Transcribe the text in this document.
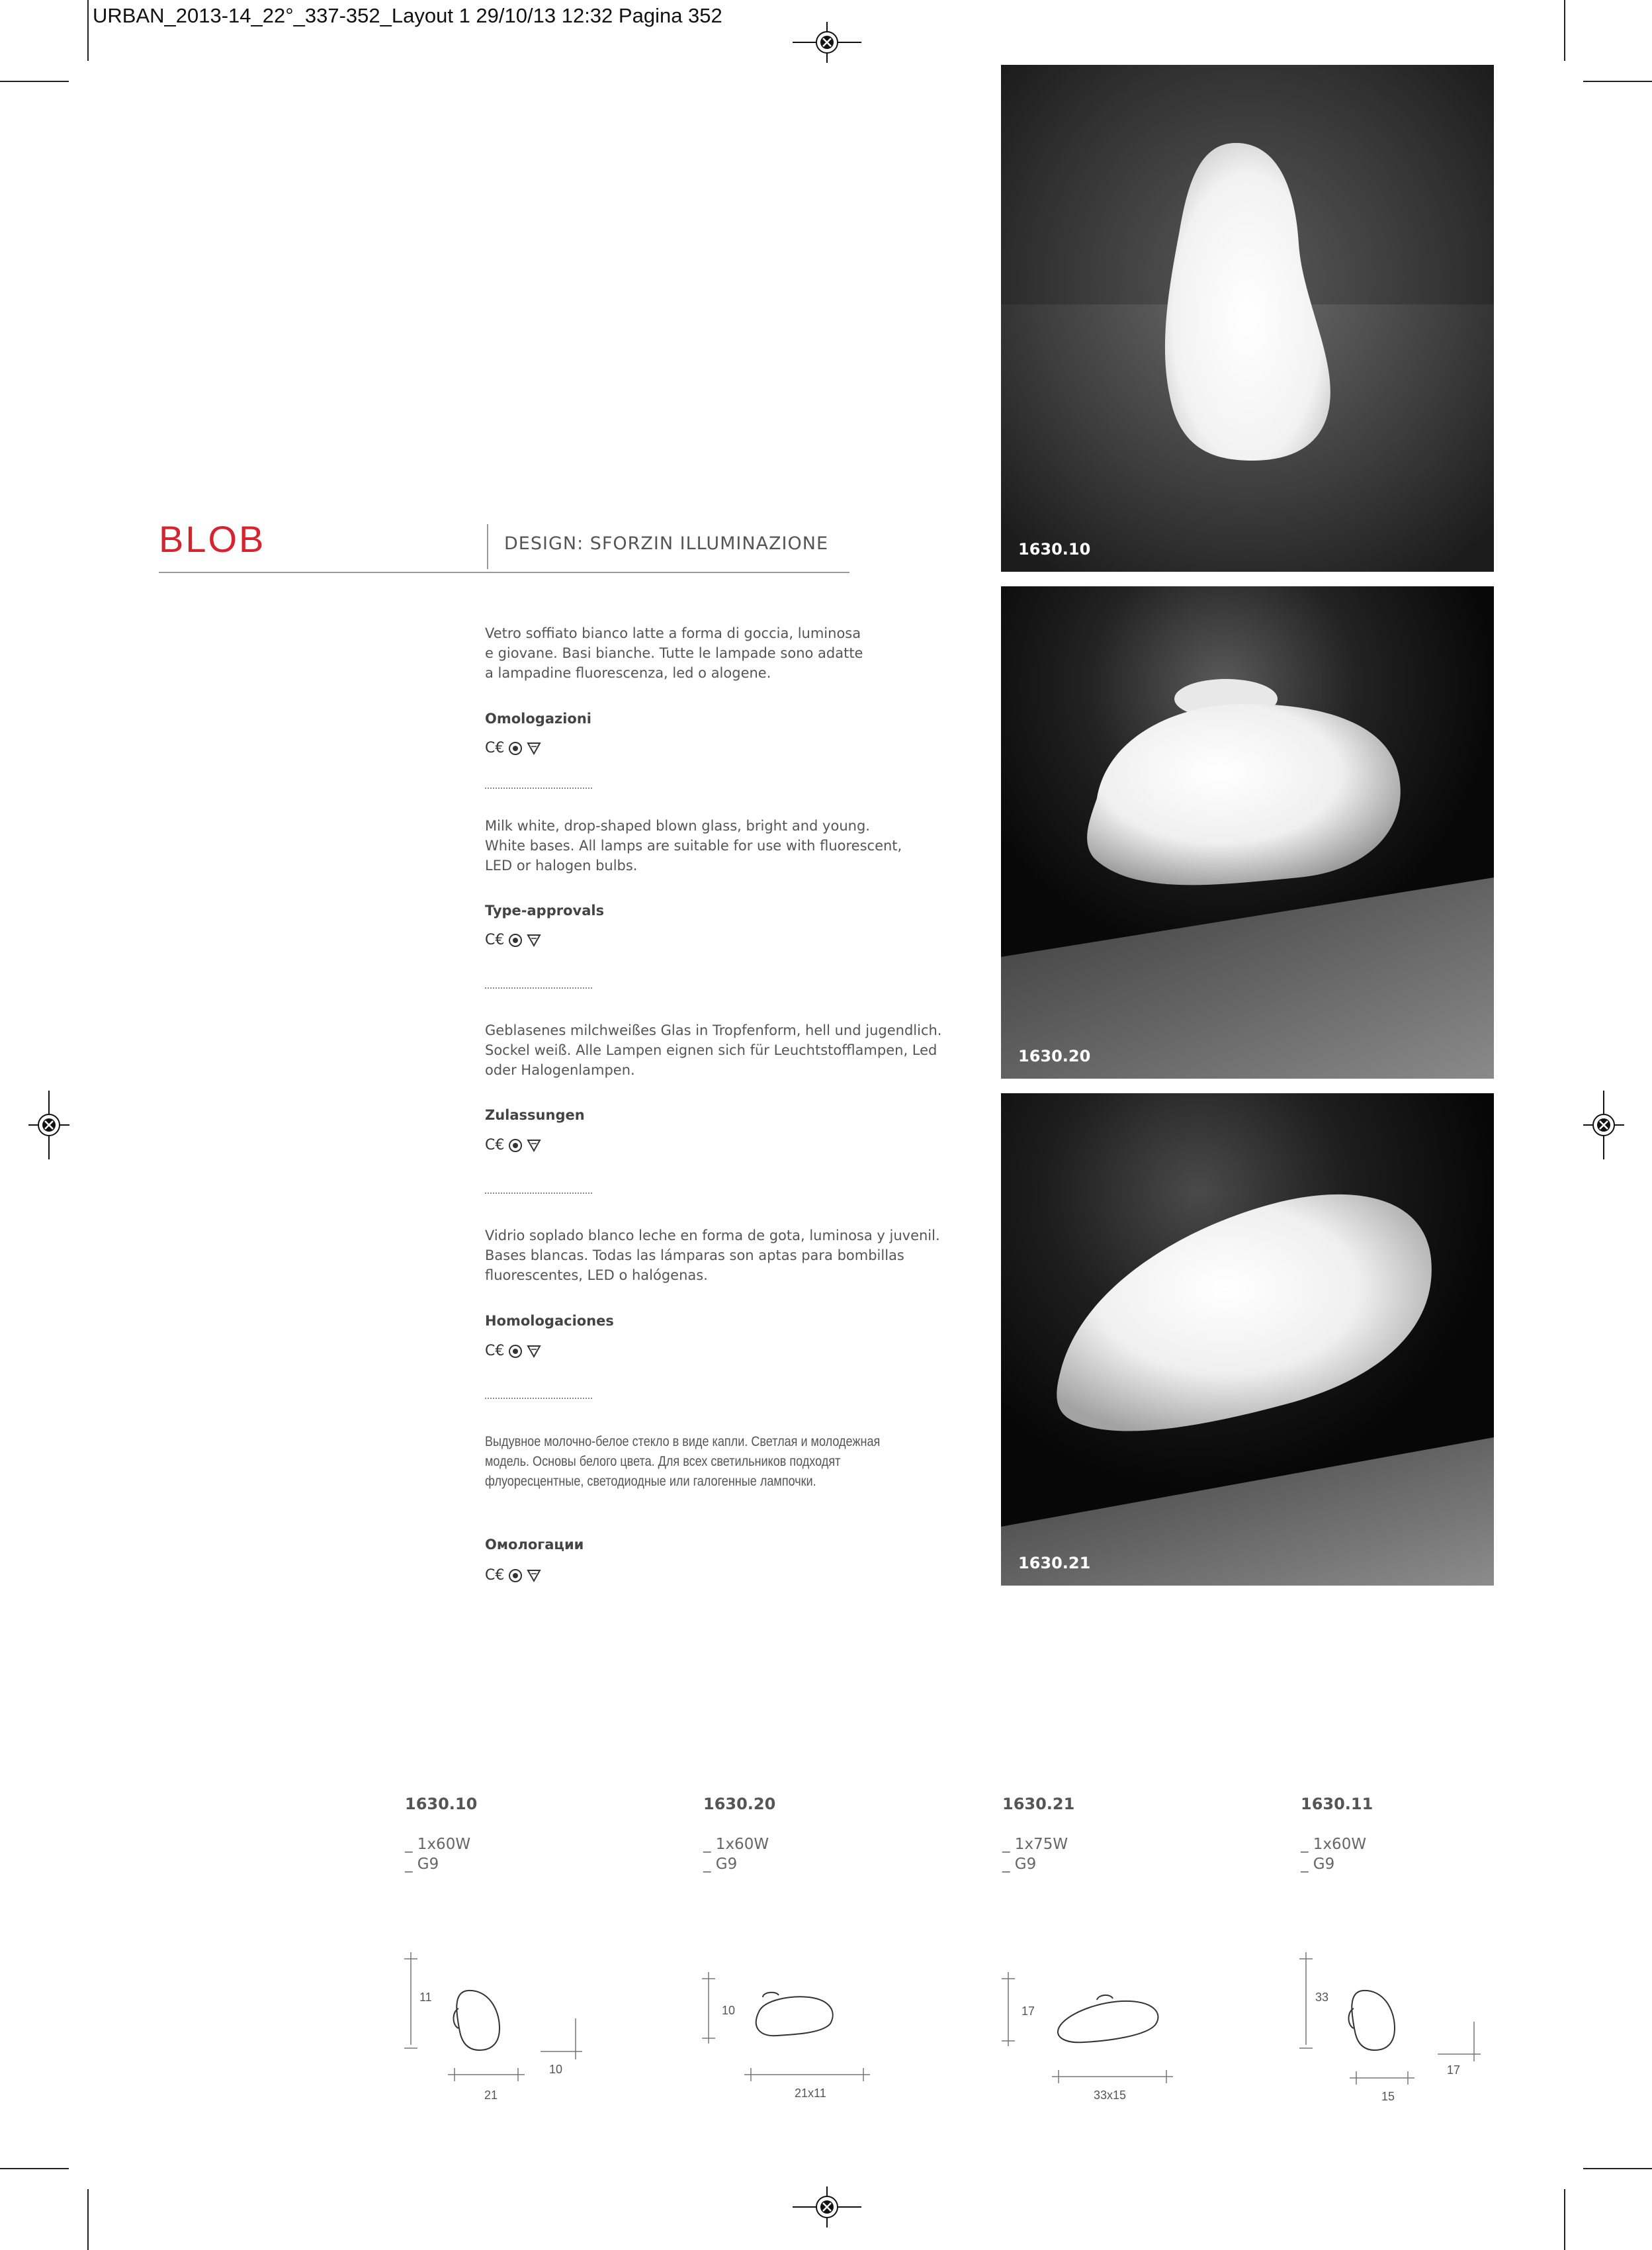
URBAN_2013-14_22°_337-352_Layout 1 29/10/13 12:32 Pagina 352
BLOB	DESIGN: SFORZIN ILLUMINAZIONE
Vetro soffiato bianco latte a forma di goccia, luminosa
e giovane. Basi bianche. Tutte le lampade sono adatte
a lampadine fluorescenza, led o alogene.
Omologazioni
C€
Milk white, drop-shaped blown glass, bright and young.
White bases. All lamps are suitable for use with fluorescent,
LED or halogen bulbs.
Type-approvals
C€
Geblasenes milchweißes Glas in Tropfenform, hell und jugendlich.
Sockel weiß. Alle Lampen eignen sich für Leuchtstofflampen, Led
oder Halogenlampen.
Zulassungen
C€
Vidrio soplado blanco leche en forma de gota, luminosa y juvenil.
Bases blancas. Todas las lámparas son aptas para bombillas
fluorescentes, LED o halógenas.
Homologaciones
C€
Выдувное молочно-белое стекло в виде капли. Светлая и молодежная
модель. Основы белого цвета. Для всех светильников подходят
флуоресцентные, светодиодные или галогенные лампочки.
Омологации
C€
1630.10
1630.20
1630.21
1630.10
_ 1x60W
_ G9
11
10
21
1630.20
_ 1x60W
_ G9
10
21x11
1630.21
_ 1x75W
_ G9
17
33x15
1630.11
_ 1x60W
_ G9
33
17
15
